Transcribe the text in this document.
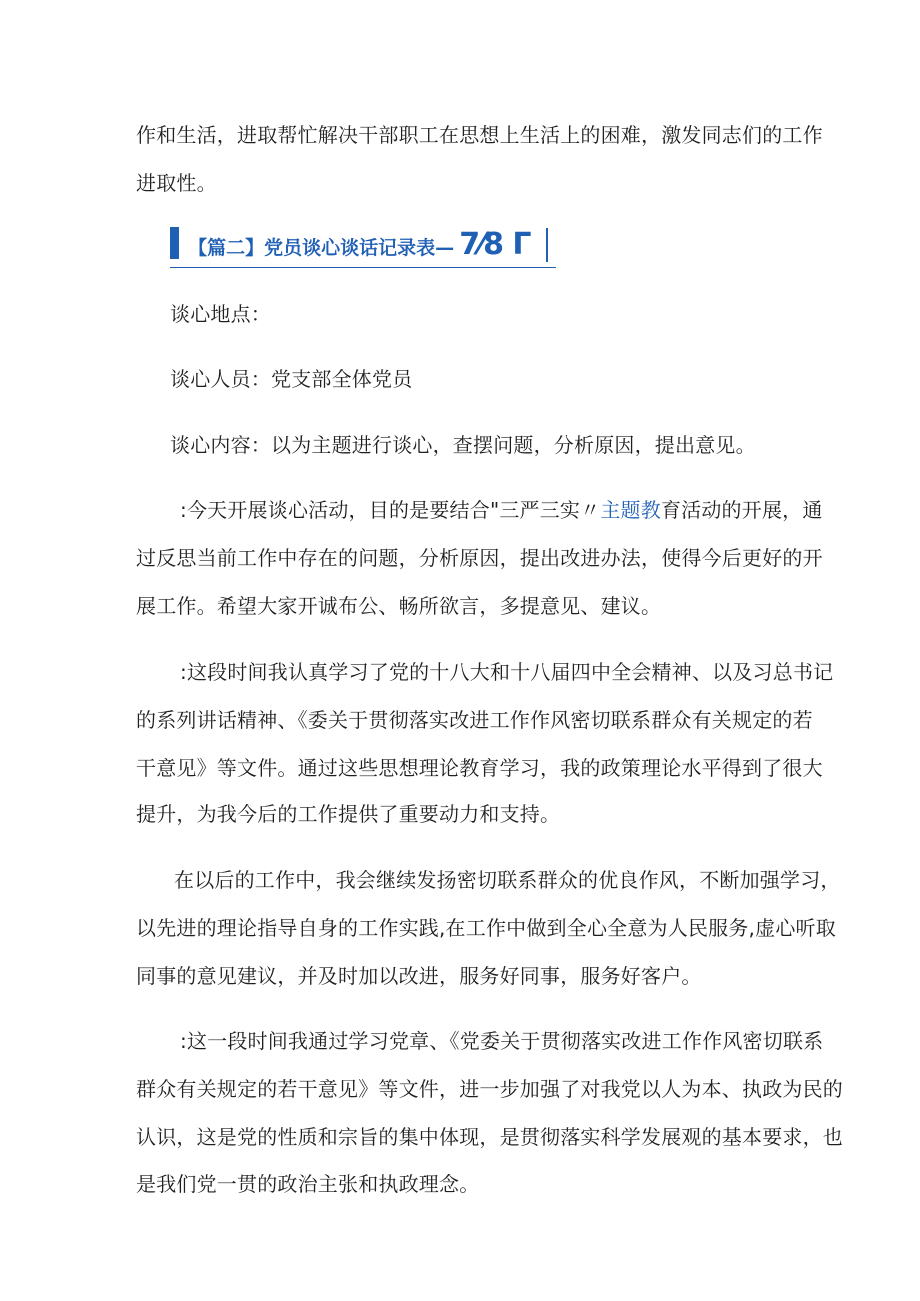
作和生活，进取帮忙解决干部职工在思想上生活上的困难，激发同志们的工作
进取性。
【篇二】党员谈心谈话记录表— 7⁄8 Γ
谈心地点：
谈心人员：党支部全体党员
谈心内容：以为主题进行谈心，查摆问题，分析原因，提出意见。
:今天开展谈心活动，目的是要结合"三严三实〃主题教育活动的开展，通
过反思当前工作中存在的问题，分析原因，提出改进办法，使得今后更好的开
展工作。希望大家开诚布公、畅所欲言，多提意见、建议。
:这段时间我认真学习了党的十八大和十八届四中全会精神、以及习总书记
的系列讲话精神、《委关于贯彻落实改进工作作风密切联系群众有关规定的若
干意见》等文件。通过这些思想理论教育学习，我的政策理论水平得到了很大
提升，为我今后的工作提供了重要动力和支持。
在以后的工作中，我会继续发扬密切联系群众的优良作风，不断加强学习，
以先进的理论指导自身的工作实践,在工作中做到全心全意为人民服务,虚心听取
同事的意见建议，并及时加以改进，服务好同事，服务好客户。
:这一段时间我通过学习党章、《党委关于贯彻落实改进工作作风密切联系
群众有关规定的若干意见》等文件，进一步加强了对我党以人为本、执政为民的
认识，这是党的性质和宗旨的集中体现，是贯彻落实科学发展观的基本要求，也
是我们党一贯的政治主张和执政理念。
